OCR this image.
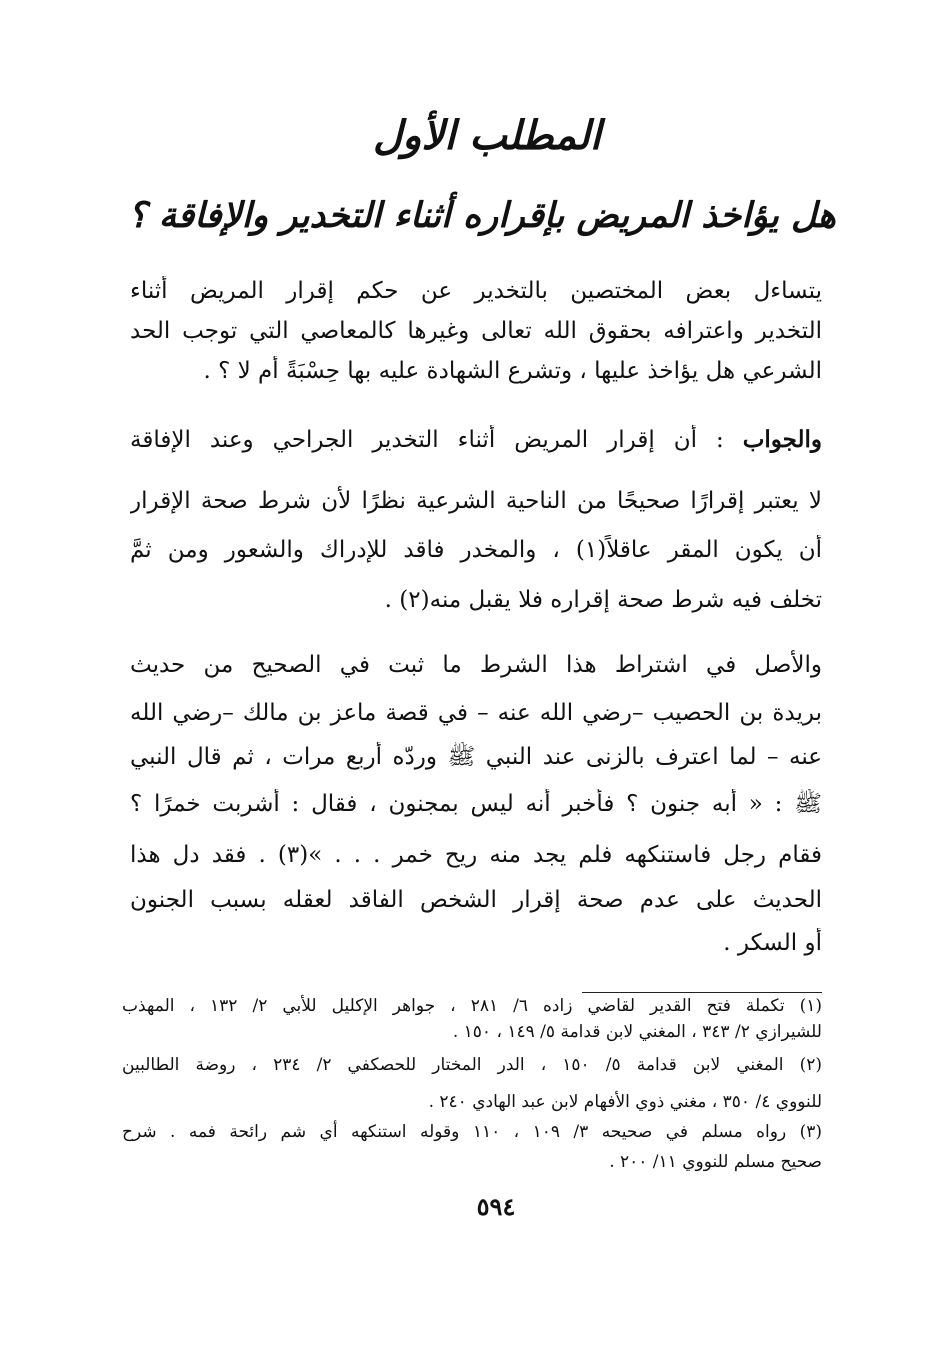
المطلب الأول
هل يؤاخذ المريض بإقراره أثناء التخدير والإفاقة ؟
يتساءل بعض المختصين بالتخدير عن حكم إقرار المريض أثناء
التخدير واعترافه بحقوق الله تعالى وغيرها كالمعاصي التي توجب الحد
الشرعي هل يؤاخذ عليها ، وتشرع الشهادة عليه بها حِسْبَةً أم لا ؟ .
والجواب : أن إقرار المريض أثناء التخدير الجراحي وعند الإفاقة
لا يعتبر إقرارًا صحيحًا من الناحية الشرعية نظرًا لأن شرط صحة الإقرار
أن يكون المقر عاقلاً(١) ، والمخدر فاقد للإدراك والشعور ومن ثمَّ
تخلف فيه شرط صحة إقراره فلا يقبل منه(٢) .
والأصل في اشتراط هذا الشرط ما ثبت في الصحيح من حديث
بريدة بن الحصيب –رضي الله عنه – في قصة ماعز بن مالك –رضي الله
عنه – لما اعترف بالزنى عند النبي ﷺ وردّه أربع مرات ، ثم قال النبي
ﷺ : « أبه جنون ؟ فأخبر أنه ليس بمجنون ، فقال : أشربت خمرًا ؟
فقام رجل فاستنكهه فلم يجد منه ريح خمر . . . »(٣) . فقد دل هذا
الحديث على عدم صحة إقرار الشخص الفاقد لعقله بسبب الجنون
أو السكر .
(١) تكملة فتح القدير لقاضي زاده ٦/ ٢٨١ ، جواهر الإكليل للأبي ٢/ ١٣٢ ، المهذب
للشيرازي ٢/ ٣٤٣ ، المغني لابن قدامة ٥/ ١٤٩ ، ١٥٠ .
(٢) المغني لابن قدامة ٥/ ١٥٠ ، الدر المختار للحصكفي ٢/ ٢٣٤ ، روضة الطالبين
للنووي ٤/ ٣٥٠ ، مغني ذوي الأفهام لابن عبد الهادي ٢٤٠ .
(٣) رواه مسلم في صحيحه ٣/ ١٠٩ ، ١١٠ وقوله استنكهه أي شم رائحة فمه . شرح
صحيح مسلم للنووي ١١/ ٢٠٠ .
٥٩٤
